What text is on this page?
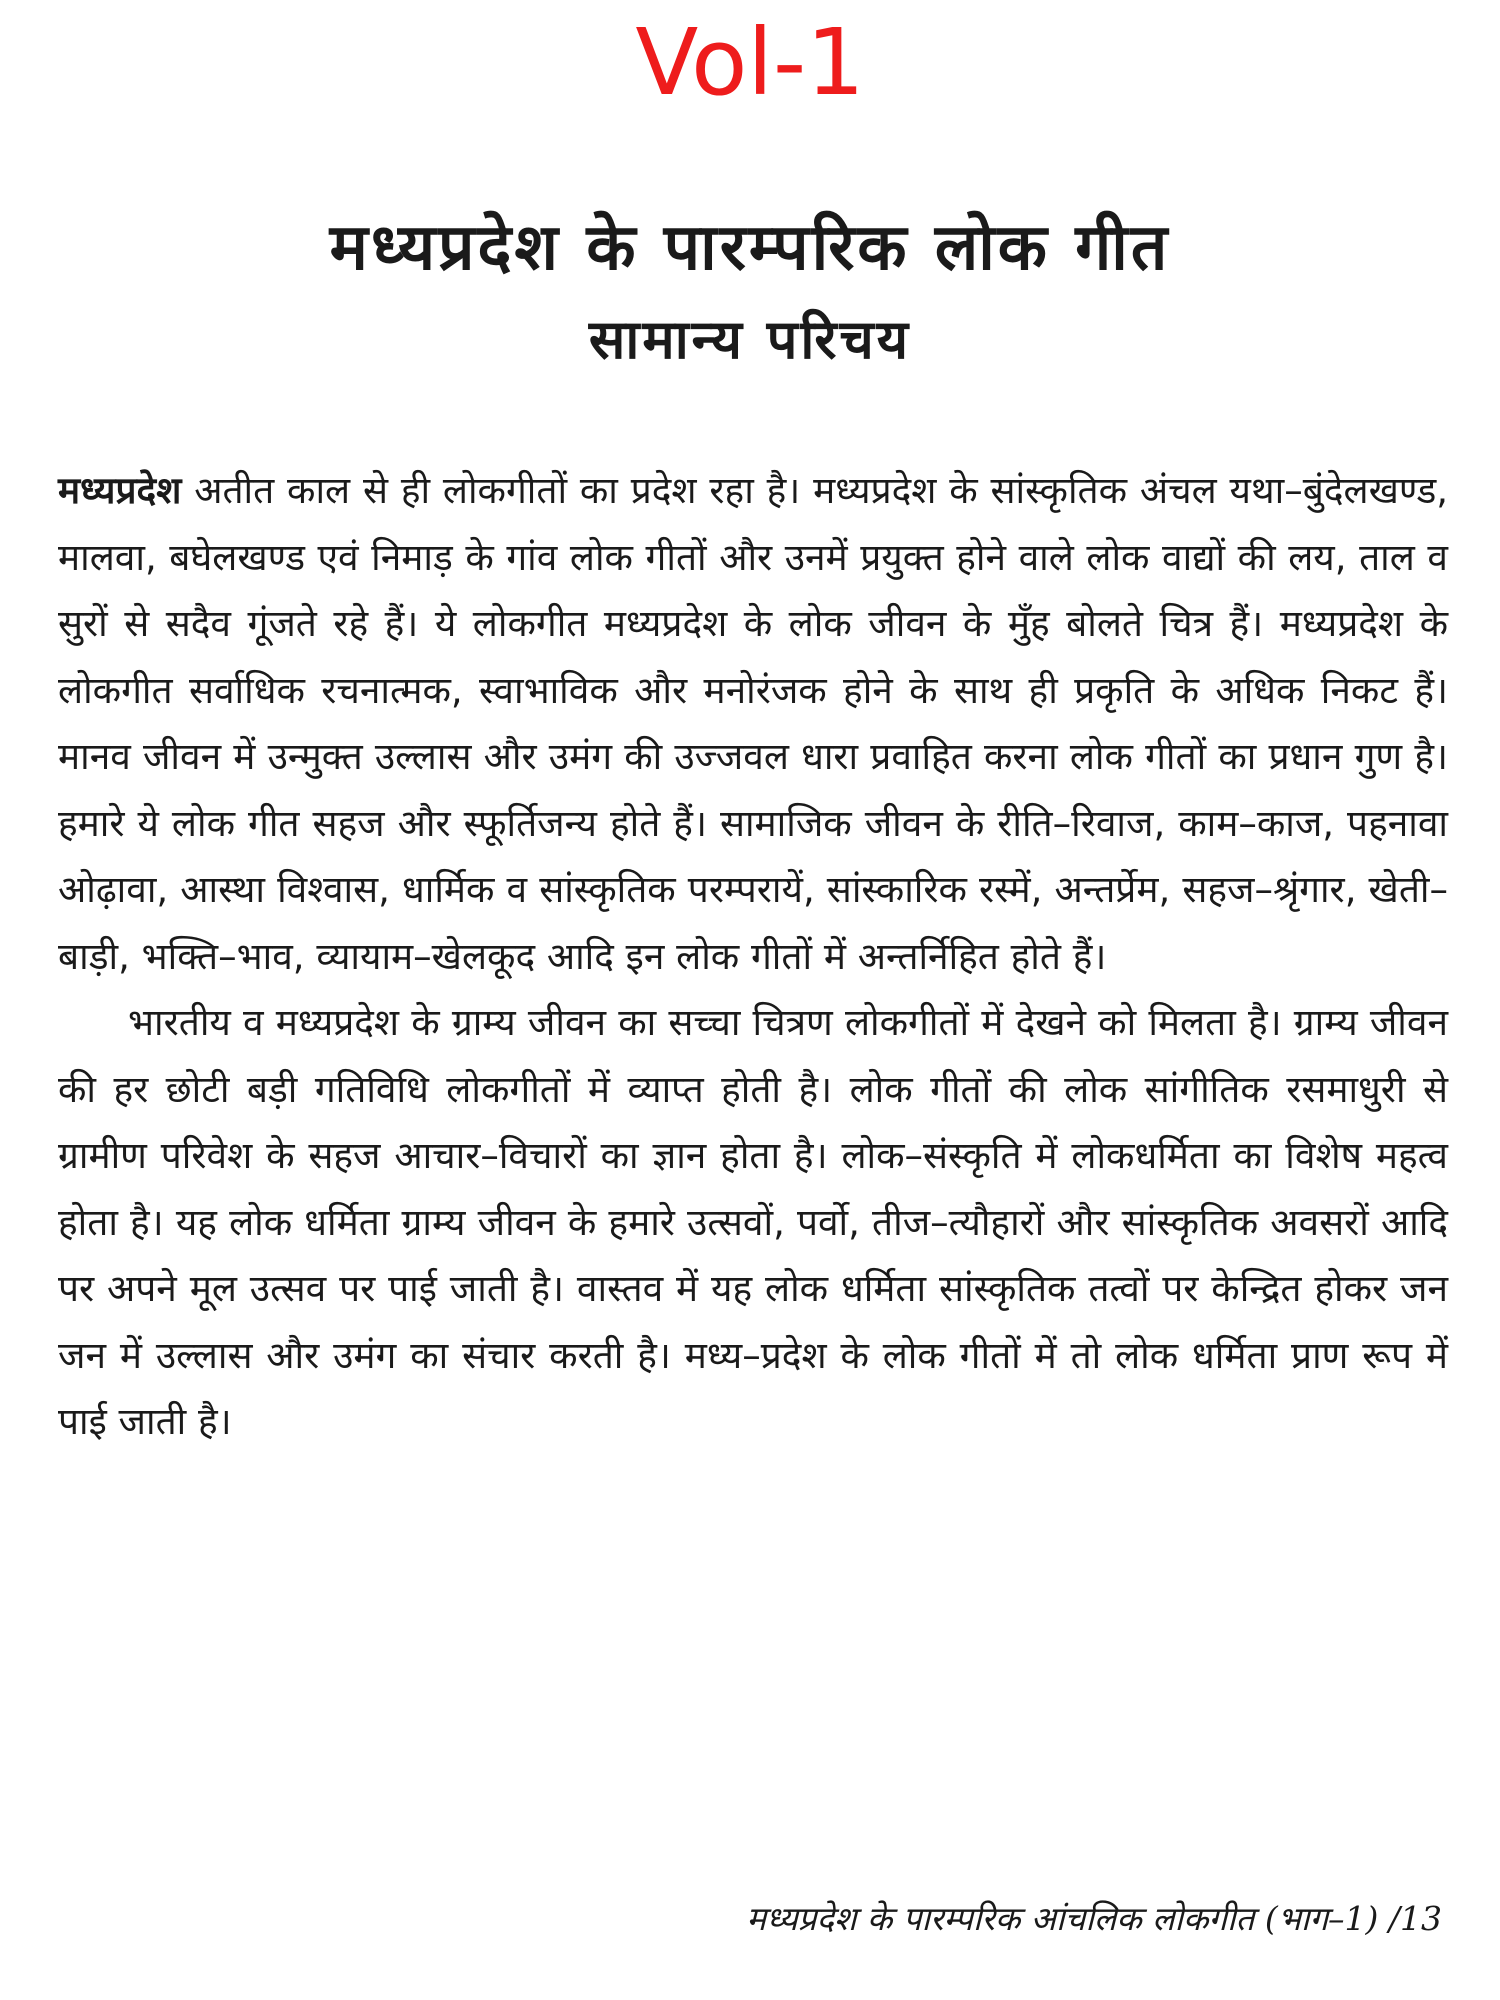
Vol-1
मध्यप्रदेश के पारम्परिक लोक गीत
सामान्य परिचय

मध्यप्रदेश अतीत काल से ही लोकगीतों का प्रदेश रहा है। मध्यप्रदेश के सांस्कृतिक अंचल यथा–बुंदेलखण्ड, मालवा, बघेलखण्ड एवं निमाड़ के गांव लोक गीतों और उनमें प्रयुक्त होने वाले लोक वाद्यों की लय, ताल व सुरों से सदैव गूंजते रहे हैं। ये लोकगीत मध्यप्रदेश के लोक जीवन के मुँह बोलते चित्र हैं। मध्यप्रदेश के लोकगीत सर्वाधिक रचनात्मक, स्वाभाविक और मनोरंजक होने के साथ ही प्रकृति के अधिक निकट हैं। मानव जीवन में उन्मुक्त उल्लास और उमंग की उज्जवल धारा प्रवाहित करना लोक गीतों का प्रधान गुण है। हमारे ये लोक गीत सहज और स्फूर्तिजन्य होते हैं। सामाजिक जीवन के रीति–रिवाज, काम–काज, पहनावा ओढ़ावा, आस्था विश्वास, धार्मिक व सांस्कृतिक परम्परायें, सांस्कारिक रस्में, अन्तर्प्रेम, सहज–श्रृंगार, खेती–बाड़ी, भक्ति–भाव, व्यायाम–खेलकूद आदि इन लोक गीतों में अन्तर्निहित होते हैं।

भारतीय व मध्यप्रदेश के ग्राम्य जीवन का सच्चा चित्रण लोकगीतों में देखने को मिलता है। ग्राम्य जीवन की हर छोटी बड़ी गतिविधि लोकगीतों में व्याप्त होती है। लोक गीतों की लोक सांगीतिक रसमाधुरी से ग्रामीण परिवेश के सहज आचार–विचारों का ज्ञान होता है। लोक–संस्कृति में लोकधर्मिता का विशेष महत्व होता है। यह लोक धर्मिता ग्राम्य जीवन के हमारे उत्सवों, पर्वो, तीज–त्यौहारों और सांस्कृतिक अवसरों आदि पर अपने मूल उत्सव पर पाई जाती है। वास्तव में यह लोक धर्मिता सांस्कृतिक तत्वों पर केन्द्रित होकर जन जन में उल्लास और उमंग का संचार करती है। मध्य–प्रदेश के लोक गीतों में तो लोक धर्मिता प्राण रूप में पाई जाती है।

मध्यप्रदेश के पारम्परिक आंचलिक लोकगीत (भाग–1) /13
